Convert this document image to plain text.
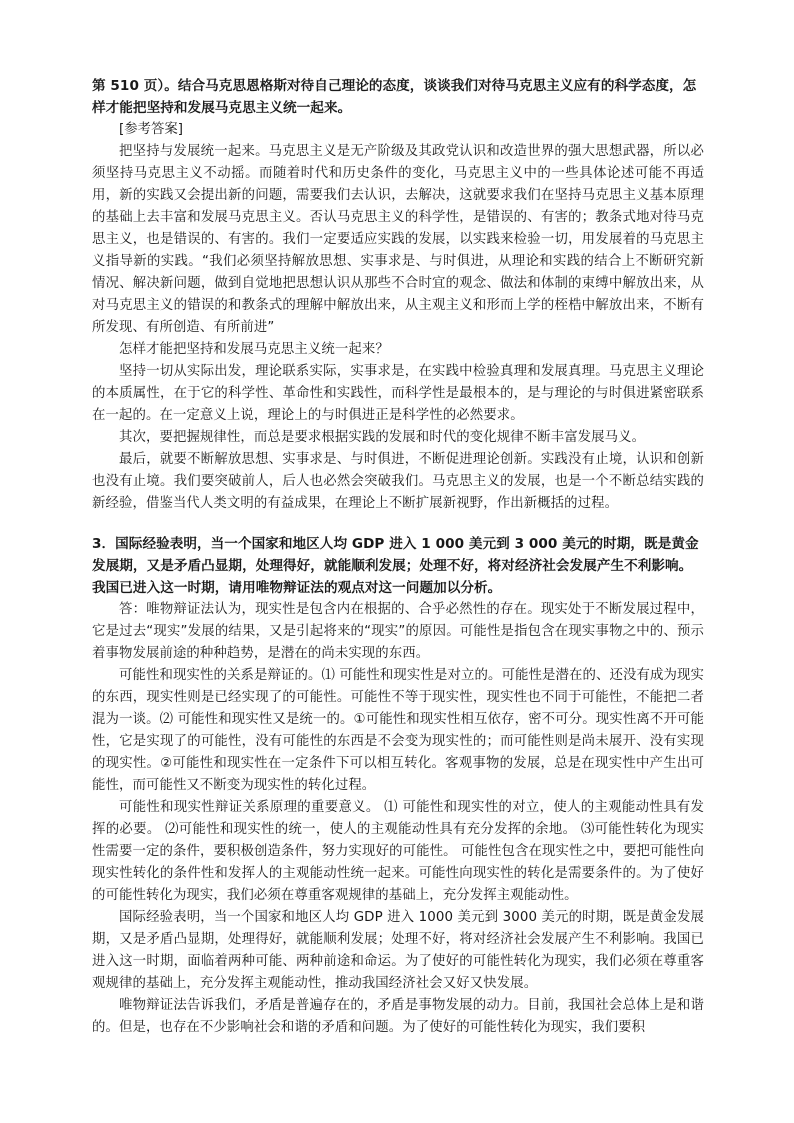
第 510 页）。结合马克思恩格斯对待自己理论的态度，谈谈我们对待马克思主义应有的科学态度，怎样才能把坚持和发展马克思主义统一起来。
[参考答案]

把坚持与发展统一起来。马克思主义是无产阶级及其政党认识和改造世界的强大思想武器，所以必须坚持马克思主义不动摇。而随着时代和历史条件的变化，马克思主义中的一些具体论述可能不再适用，新的实践又会提出新的问题，需要我们去认识，去解决，这就要求我们在坚持马克思主义基本原理的基础上去丰富和发展马克思主义。否认马克思主义的科学性，是错误的、有害的；教条式地对待马克思主义，也是错误的、有害的。我们一定要适应实践的发展，以实践来检验一切，用发展着的马克思主义指导新的实践。“我们必须坚持解放思想、实事求是、与时俱进，从理论和实践的结合上不断研究新情况、解决新问题，做到自觉地把思想认识从那些不合时宜的观念、做法和体制的束缚中解放出来，从对马克思主义的错误的和教条式的理解中解放出来，从主观主义和形而上学的桎梏中解放出来，不断有所发现、有所创造、有所前进”

怎样才能把坚持和发展马克思主义统一起来？

坚持一切从实际出发，理论联系实际，实事求是，在实践中检验真理和发展真理。马克思主义理论的本质属性，在于它的科学性、革命性和实践性，而科学性是最根本的，是与理论的与时俱进紧密联系在一起的。在一定意义上说，理论上的与时俱进正是科学性的必然要求。

其次，要把握规律性，而总是要求根据实践的发展和时代的变化规律不断丰富发展马义。

最后，就要不断解放思想、实事求是、与时俱进，不断促进理论创新。实践没有止境，认识和创新也没有止境。我们要突破前人，后人也必然会突破我们。马克思主义的发展，也是一个不断总结实践的新经验，借鉴当代人类文明的有益成果，在理论上不断扩展新视野，作出新概括的过程。

3．国际经验表明，当一个国家和地区人均 GDP 进入 1 000 美元到 3 000 美元的时期，既是黄金发展期，又是矛盾凸显期，处理得好，就能顺利发展；处理不好，将对经济社会发展产生不利影响。我国已进入这一时期，请用唯物辩证法的观点对这一问题加以分析。

答：唯物辩证法认为，现实性是包含内在根据的、合乎必然性的存在。现实处于不断发展过程中，它是过去“现实”发展的结果，又是引起将来的“现实”的原因。可能性是指包含在现实事物之中的、预示着事物发展前途的种种趋势，是潜在的尚未实现的东西。

可能性和现实性的关系是辩证的。⑴ 可能性和现实性是对立的。可能性是潜在的、还没有成为现实的东西，现实性则是已经实现了的可能性。可能性不等于现实性，现实性也不同于可能性，不能把二者混为一谈。⑵ 可能性和现实性又是统一的。①可能性和现实性相互依存，密不可分。现实性离不开可能性，它是实现了的可能性，没有可能性的东西是不会变为现实性的；而可能性则是尚未展开、没有实现的现实性。②可能性和现实性在一定条件下可以相互转化。客观事物的发展，总是在现实性中产生出可能性，而可能性又不断变为现实性的转化过程。

可能性和现实性辩证关系原理的重要意义。 ⑴ 可能性和现实性的对立，使人的主观能动性具有发挥的必要。 ⑵可能性和现实性的统一，使人的主观能动性具有充分发挥的余地。 ⑶可能性转化为现实性需要一定的条件，要积极创造条件，努力实现好的可能性。 可能性包含在现实性之中，要把可能性向现实性转化的条件性和发挥人的主观能动性统一起来。可能性向现实性的转化是需要条件的。为了使好的可能性转化为现实，我们必须在尊重客观规律的基础上，充分发挥主观能动性。

国际经验表明，当一个国家和地区人均 GDP 进入 1000 美元到 3000 美元的时期，既是黄金发展期，又是矛盾凸显期，处理得好，就能顺利发展；处理不好，将对经济社会发展产生不利影响。我国已进入这一时期，面临着两种可能、两种前途和命运。为了使好的可能性转化为现实，我们必须在尊重客观规律的基础上，充分发挥主观能动性，推动我国经济社会又好又快发展。

唯物辩证法告诉我们，矛盾是普遍存在的，矛盾是事物发展的动力。目前，我国社会总体上是和谐的。但是，也存在不少影响社会和谐的矛盾和问题。为了使好的可能性转化为现实，我们要积
